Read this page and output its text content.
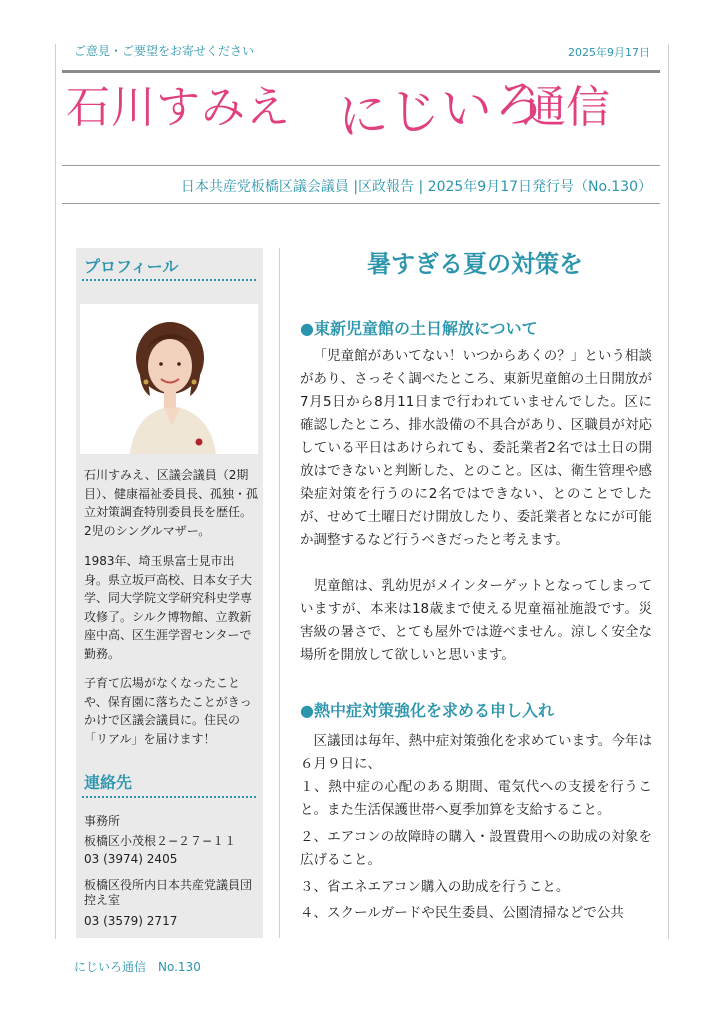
ご意見・ご要望をお寄せください	2025年9月17日
石川すみえ にじいろ
通信
日本共産党板橋区議会議員 |区政報告 | 2025年9月17日発行号（No.130）
プロフィール
石川すみえ、区議会議員（2期目）、健康福祉委員長、孤独・孤立対策調査特別委員長を歴任。2児のシングルマザー。
1983年、埼玉県富士見市出身。県立坂戸高校、日本女子大学、同大学院文学研究科史学専攻修了。シルク博物館、立教新座中高、区生涯学習センターで勤務。
子育て広場がなくなったことや、保育園に落ちたことがきっかけで区議会議員に。住民の「リアル」を届けます！
連絡先
事務所
板橋区小茂根２−２７−１１
03 (3974) 2405
板橋区役所内日本共産党議員団控え室
03 (3579) 2717
暑すぎる夏の対策を
●東新児童館の土日解放について
「児童館があいてない！いつからあくの？」という相談があり、さっそく調べたところ、東新児童館の土日開放が7月5日から8月11日まで行われていませんでした。区に確認したところ、排水設備の不具合があり、区職員が対応している平日はあけられても、委託業者2名では土日の開放はできないと判断した、とのこと。区は、衛生管理や感染症対策を行うのに2名ではできない、とのことでしたが、せめて土曜日だけ開放したり、委託業者となにが可能か調整するなど行うべきだったと考えます。
児童館は、乳幼児がメインターゲットとなってしまっていますが、本来は18歳まで使える児童福祉施設です。災害級の暑さで、とても屋外では遊べません。涼しく安全な場所を開放して欲しいと思います。
●熱中症対策強化を求める申し入れ
区議団は毎年、熱中症対策強化を求めています。今年は６月９日に、
１、熱中症の心配のある期間、電気代への支援を行うこと。また生活保護世帯へ夏季加算を支給すること。
２、エアコンの故障時の購入・設置費用への助成の対象を広げること。
３、省エネエアコン購入の助成を行うこと。
４、スクールガードや民生委員、公園清掃などで公共
にじいろ通信　No.130
